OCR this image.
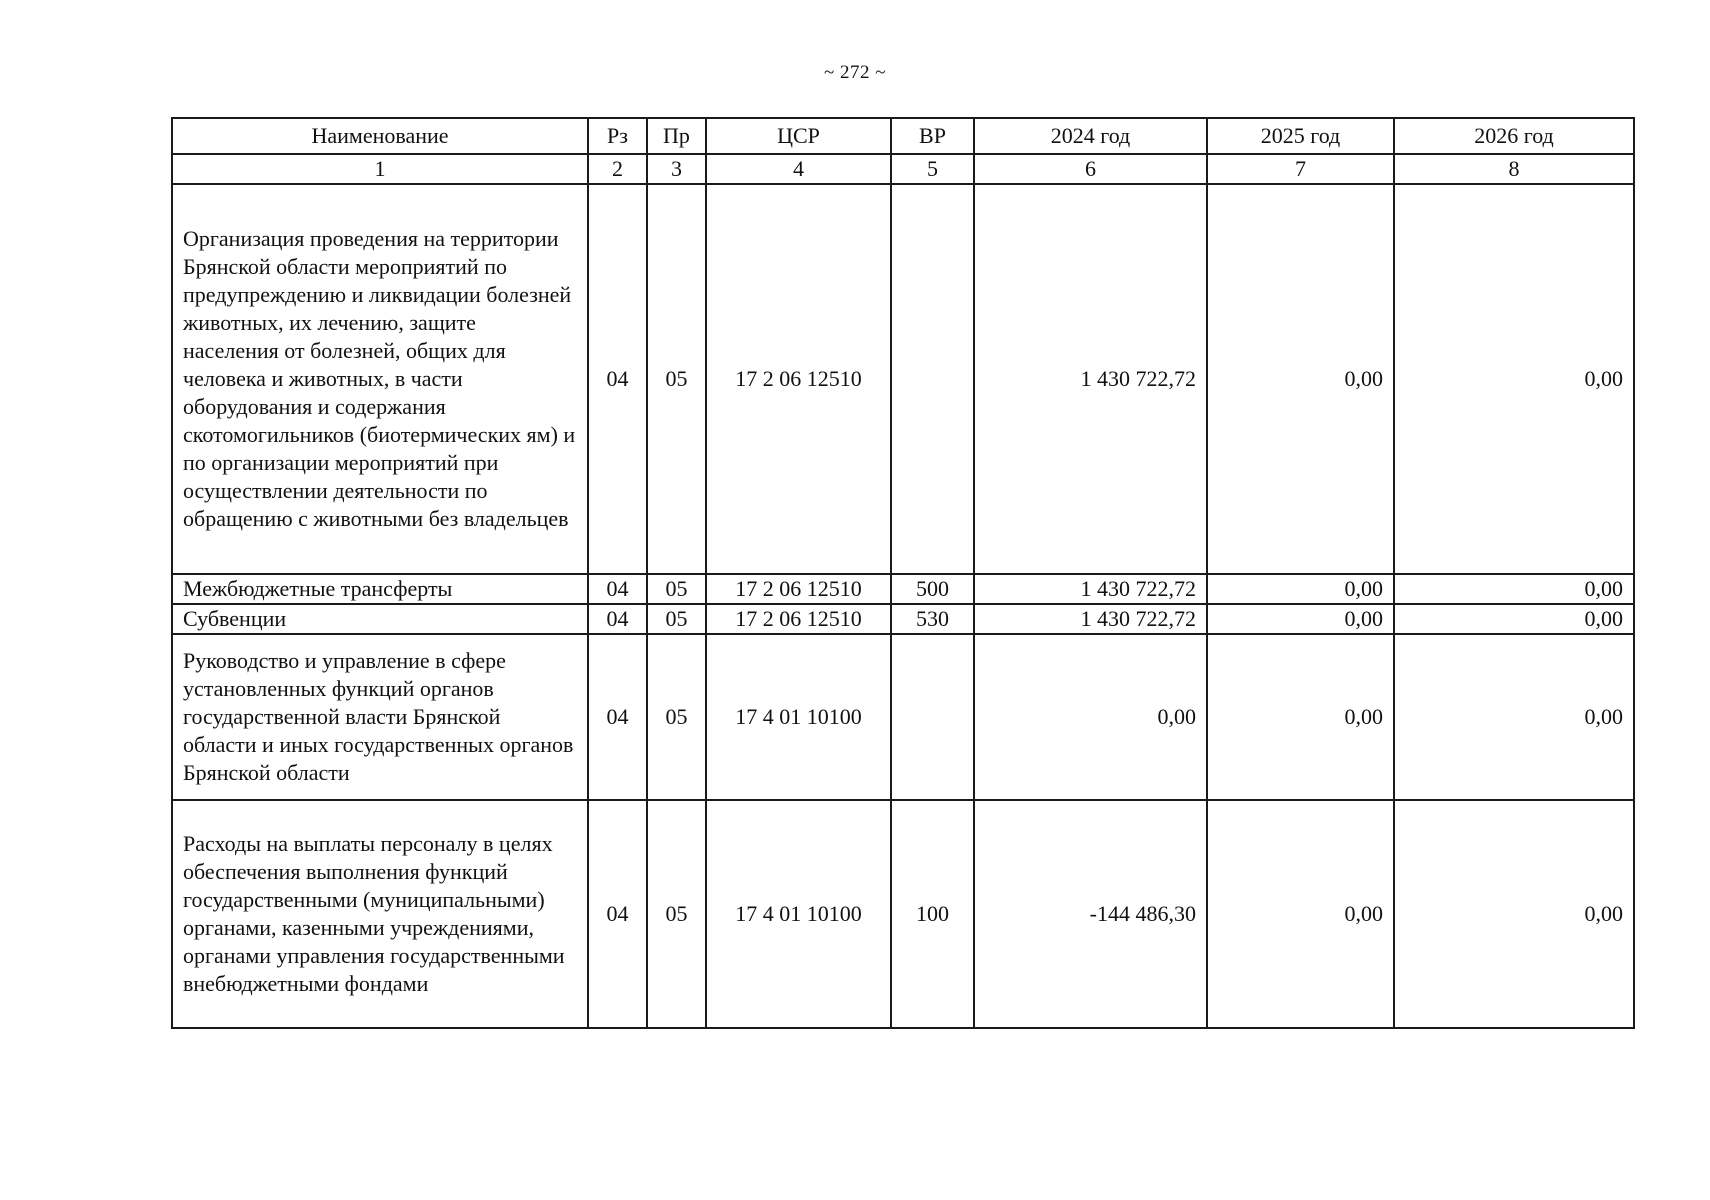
~ 272 ~
Наименование	Рз	Пр	ЦСР	ВР	2024 год	2025 год	2026 год
1	2	3	4	5	6	7	8
Организация проведения на территории Брянской области мероприятий по предупреждению и ликвидации болезней животных, их лечению, защите населения от болезней, общих для человека и животных, в части оборудования и содержания скотомогильников (биотермических ям) и по организации мероприятий при осуществлении деятельности по обращению с животными без владельцев	04	05	17 2 06 12510		1 430 722,72	0,00	0,00
Межбюджетные трансферты	04	05	17 2 06 12510	500	1 430 722,72	0,00	0,00
Субвенции	04	05	17 2 06 12510	530	1 430 722,72	0,00	0,00
Руководство и управление в сфере установленных функций органов государственной власти Брянской области и иных государственных органов Брянской области	04	05	17 4 01 10100		0,00	0,00	0,00
Расходы на выплаты персоналу в целях обеспечения выполнения функций государственными (муниципальными) органами, казенными учреждениями, органами управления государственными внебюджетными фондами	04	05	17 4 01 10100	100	-144 486,30	0,00	0,00
